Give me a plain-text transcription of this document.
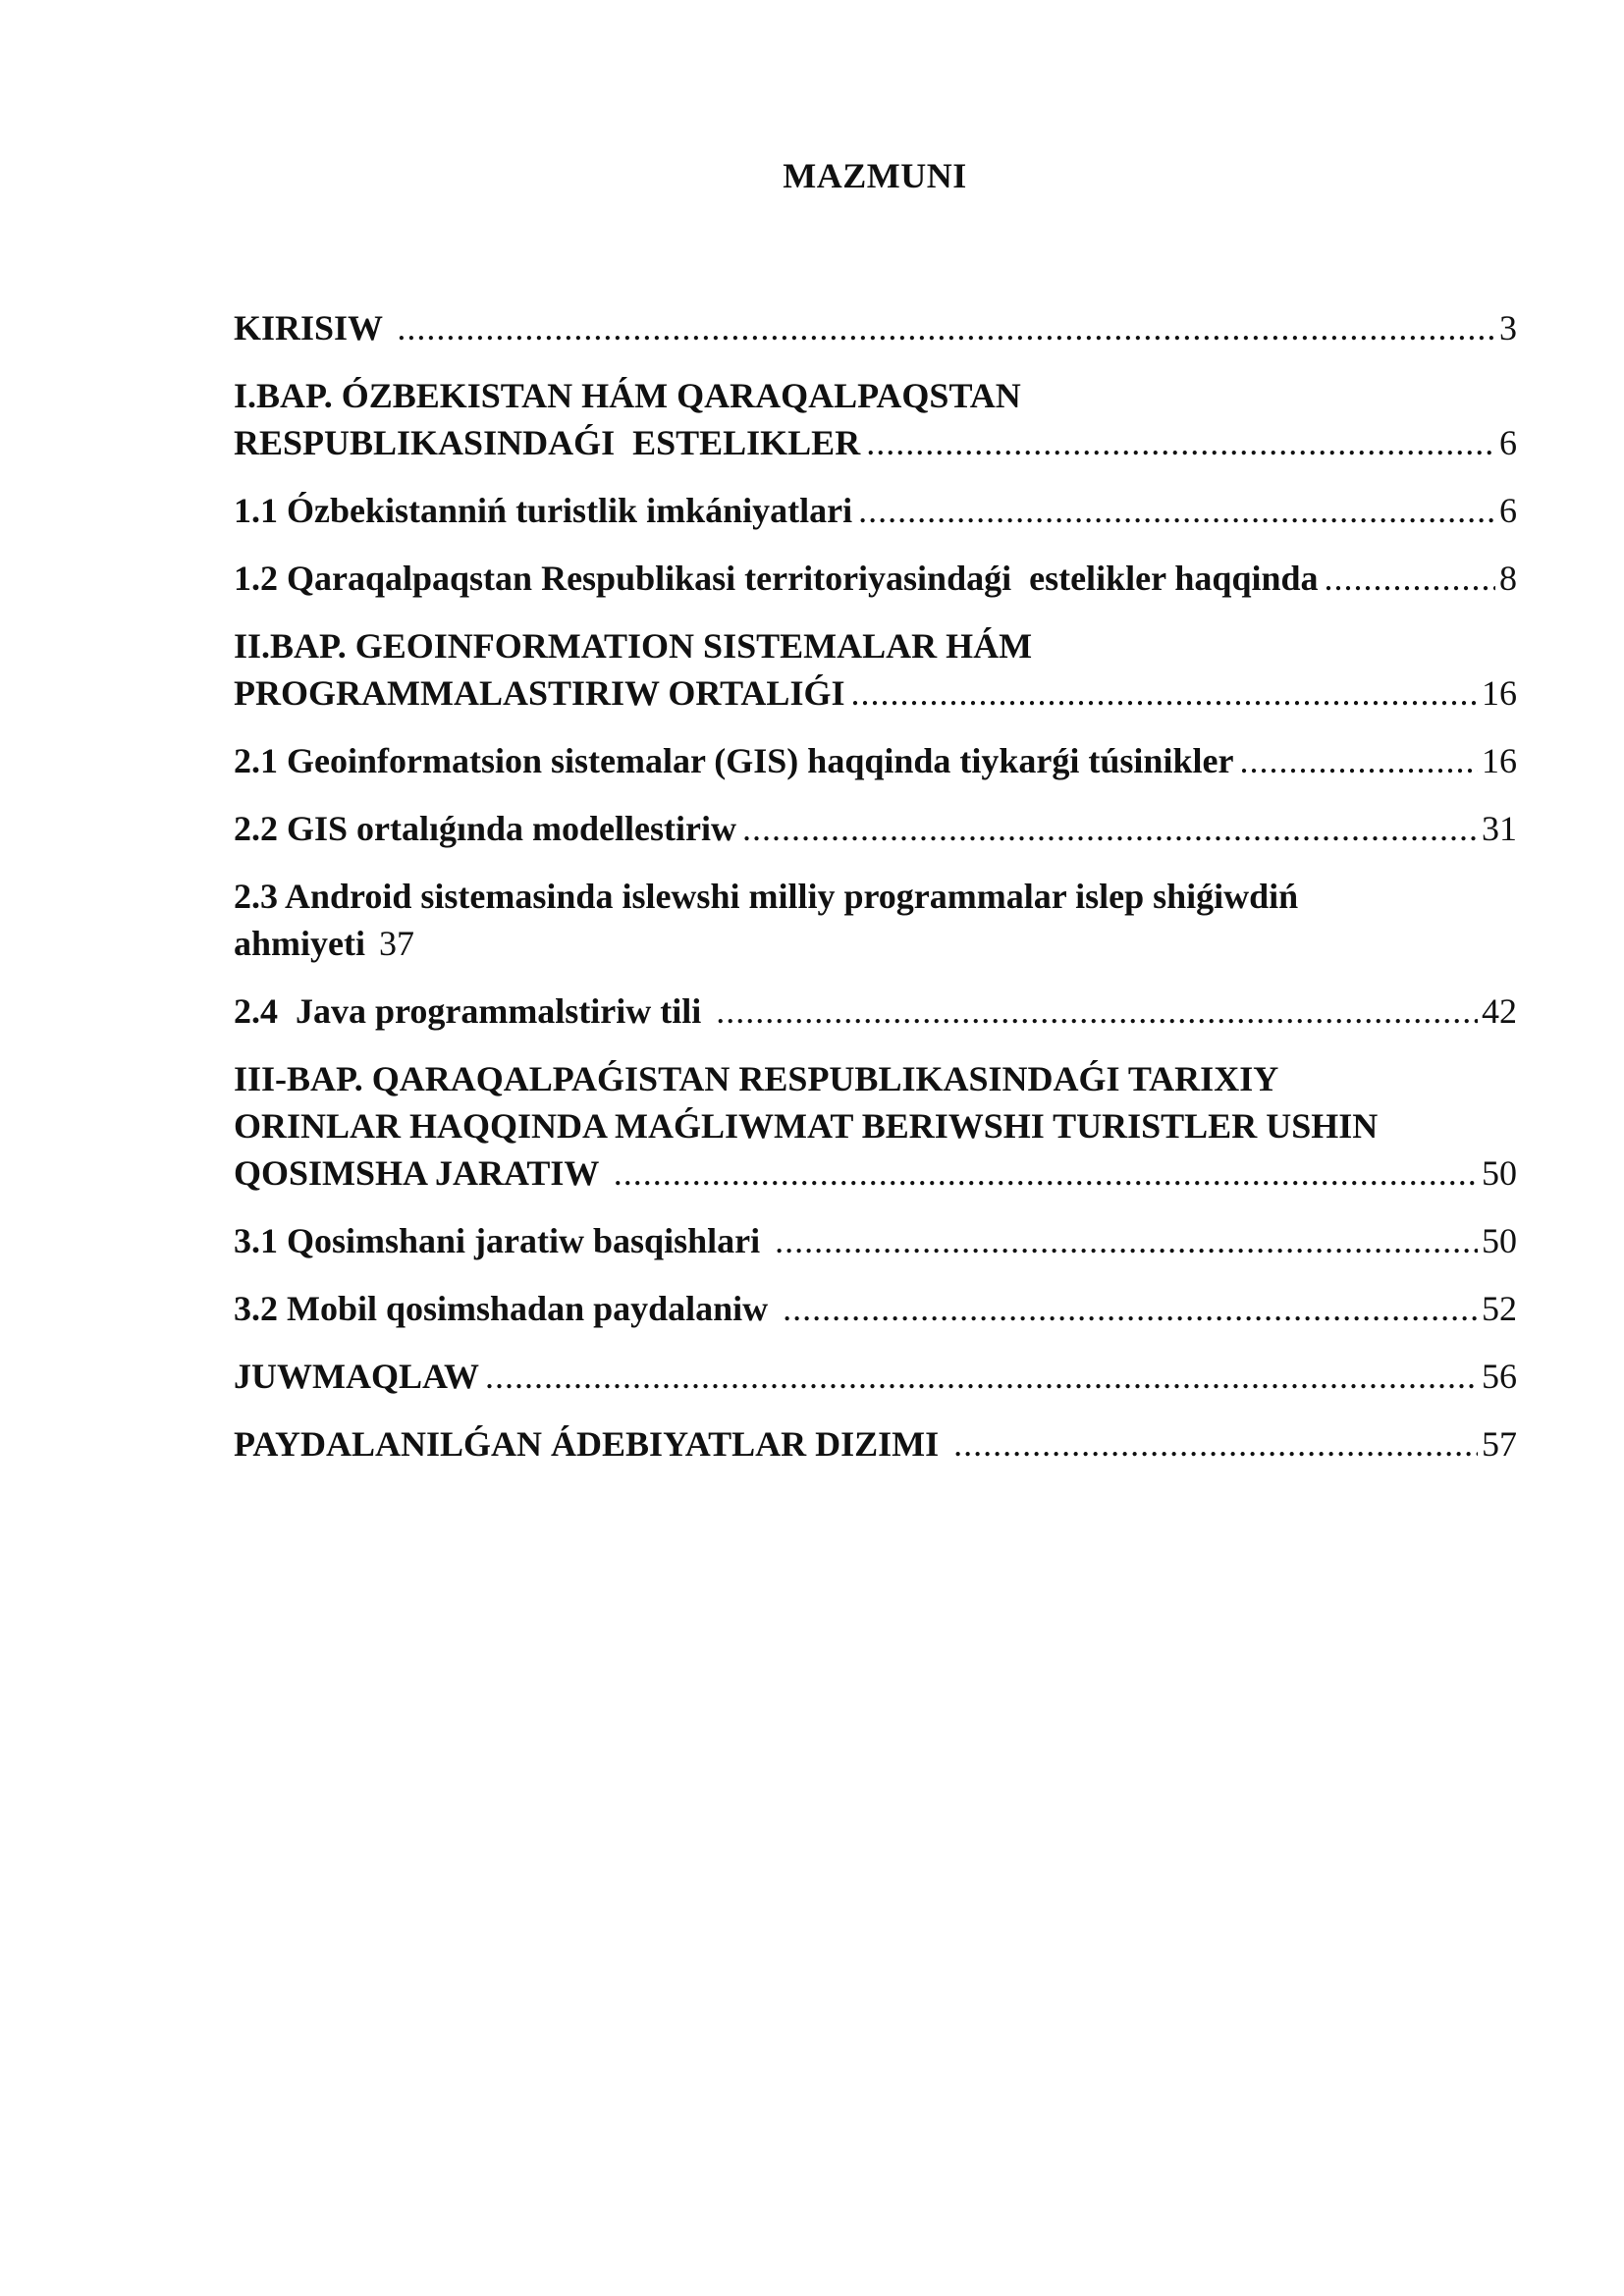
MAZMUNI
KIRISIW .....	3
I.BAP. ÓZBEKISTAN HÁM QARAQALPAQSTAN
RESPUBLIKASINDAǴI  ESTELIKLER .....	6
1.1 Ózbekistanniń turistlik imkániyatlari .....	6
1.2 Qaraqalpaqstan Respublikasi territoriyasindaǵi  estelikler haqqinda .....	8
II.BAP. GEOINFORMATION SISTEMALAR HÁM
PROGRAMMALASTIRIW ORTALIǴI .....	16
2.1 Geoinformatsion sistemalar (GIS) haqqinda tiykarǵi túsinikler .....	16
2.2 GIS ortalıǵında modellestiriw .....	31
2.3 Android sistemasinda islewshi milliy programmalar islep shiǵiwdiń
ahmiyeti 37
2.4  Java programmalstiriw tili .....	42
III-BAP. QARAQALPAǴISTAN RESPUBLIKASINDAǴI TARIXIY
ORINLAR HAQQINDA MAǴLIWMAT BERIWSHI TURISTLER USHIN
QOSIMSHA JARATIW .....	50
3.1 Qosimshani jaratiw basqishlari .....	50
3.2 Mobil qosimshadan paydalaniw .....	52
JUWMAQLAW .....	56
PAYDALANILǴAN ÁDEBIYATLAR DIZIMI .....	57
